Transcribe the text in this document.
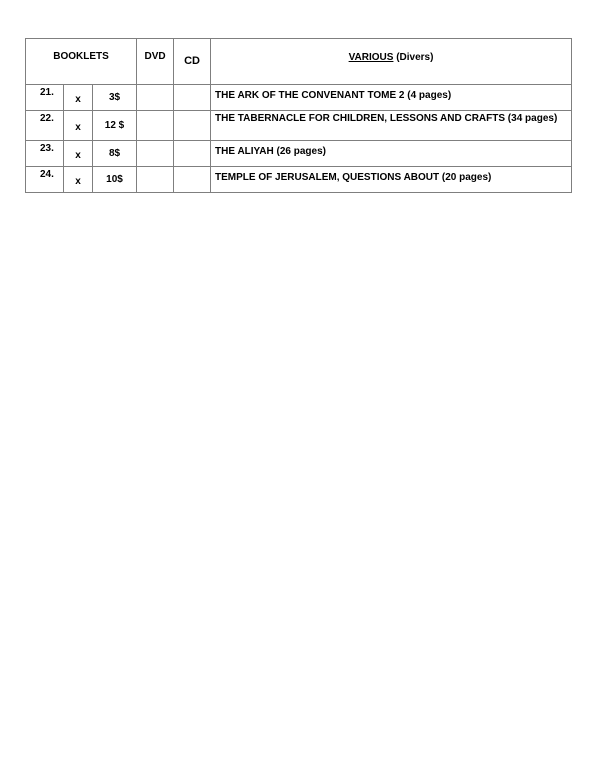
BOOKLETS			DVD	CD	VARIOUS (Divers)
21.	x	3$			THE ARK OF THE CONVENANT TOME 2 (4 pages)
22.	x	12 $			THE TABERNACLE FOR CHILDREN, LESSONS AND CRAFTS (34 pages)
23.	x	8$			THE ALIYAH (26 pages)
24.	x	10$			TEMPLE OF JERUSALEM, QUESTIONS ABOUT (20 pages)
